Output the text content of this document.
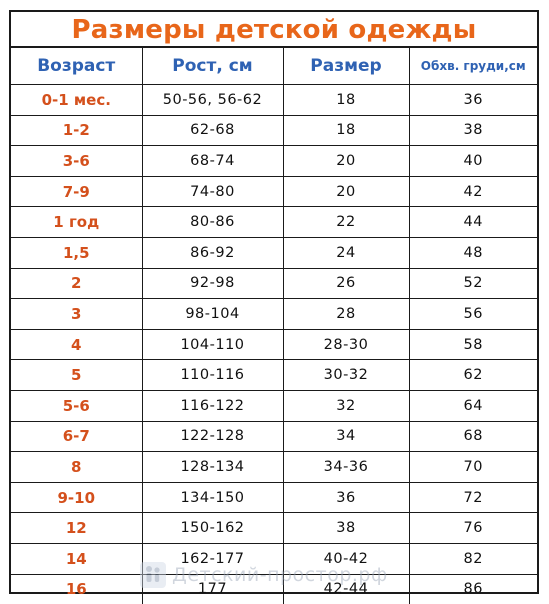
Размеры детской одежды
Возраст	Рост, см	Размер	Обхв. груди,см
0-1 мес.	50-56, 56-62	18	36
1-2	62-68	18	38
3-6	68-74	20	40
7-9	74-80	20	42
1 год	80-86	22	44
1,5	86-92	24	48
2	92-98	26	52
3	98-104	28	56
4	104-110	28-30	58
5	110-116	30-32	62
5-6	116-122	32	64
6-7	122-128	34	68
8	128-134	34-36	70
9-10	134-150	36	72
12	150-162	38	76
14	162-177	40-42	82
16	177	42-44	86
Детский-простор.рф
